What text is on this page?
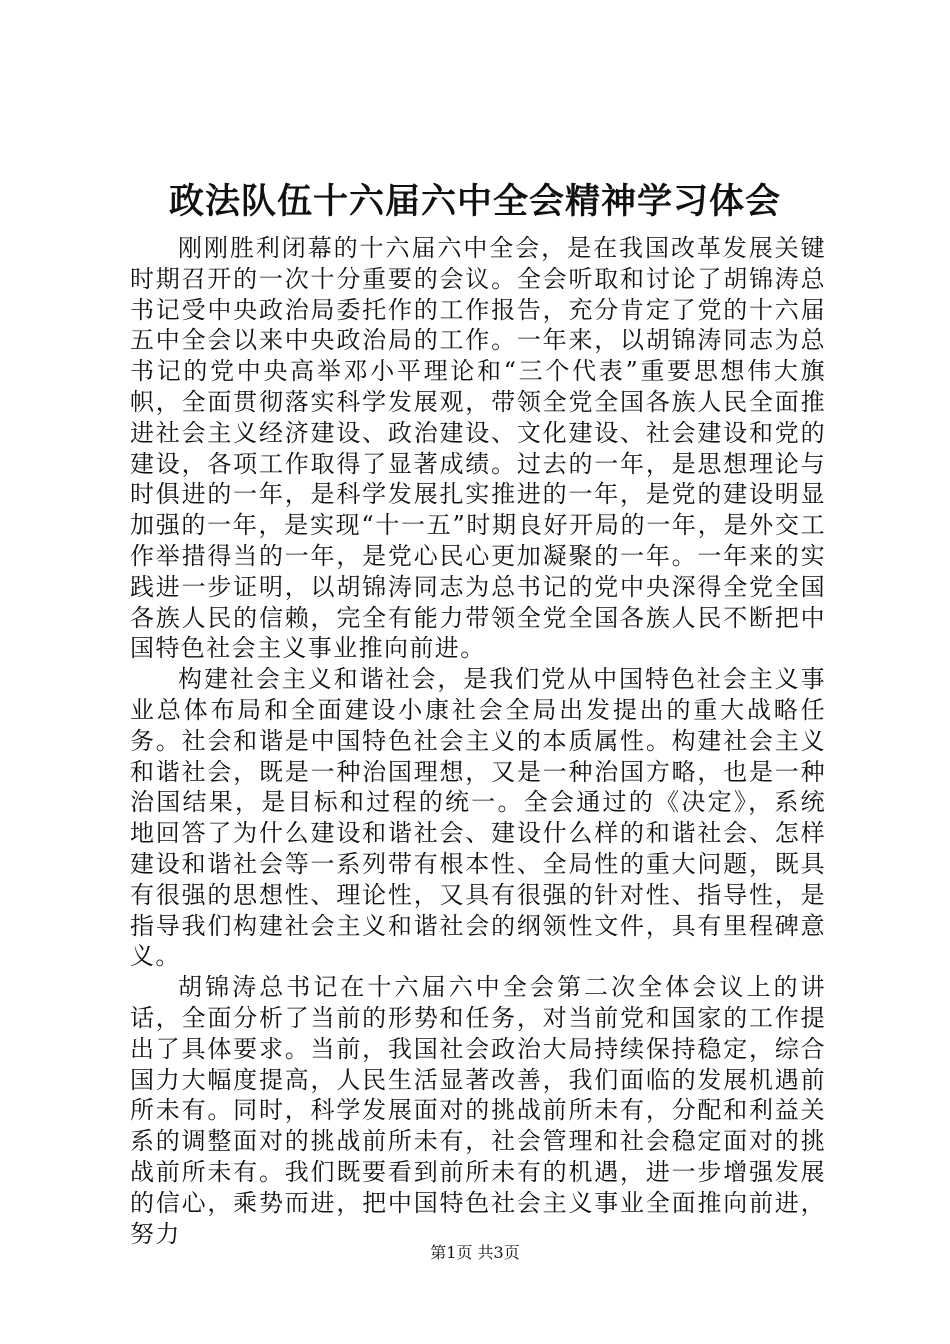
政法队伍十六届六中全会精神学习体会

刚刚胜利闭幕的十六届六中全会，是在我国改革发展关键时期召开的一次十分重要的会议。全会听取和讨论了胡锦涛总书记受中央政治局委托作的工作报告，充分肯定了党的十六届五中全会以来中央政治局的工作。一年来，以胡锦涛同志为总书记的党中央高举邓小平理论和“三个代表”重要思想伟大旗帜，全面贯彻落实科学发展观，带领全党全国各族人民全面推进社会主义经济建设、政治建设、文化建设、社会建设和党的建设，各项工作取得了显著成绩。过去的一年，是思想理论与时俱进的一年，是科学发展扎实推进的一年，是党的建设明显加强的一年，是实现“十一五”时期良好开局的一年，是外交工作举措得当的一年，是党心民心更加凝聚的一年。一年来的实践进一步证明，以胡锦涛同志为总书记的党中央深得全党全国各族人民的信赖，完全有能力带领全党全国各族人民不断把中国特色社会主义事业推向前进。

构建社会主义和谐社会，是我们党从中国特色社会主义事业总体布局和全面建设小康社会全局出发提出的重大战略任务。社会和谐是中国特色社会主义的本质属性。构建社会主义和谐社会，既是一种治国理想，又是一种治国方略，也是一种治国结果，是目标和过程的统一。全会通过的《决定》，系统地回答了为什么建设和谐社会、建设什么样的和谐社会、怎样建设和谐社会等一系列带有根本性、全局性的重大问题，既具有很强的思想性、理论性，又具有很强的针对性、指导性，是指导我们构建社会主义和谐社会的纲领性文件，具有里程碑意义。

胡锦涛总书记在十六届六中全会第二次全体会议上的讲话，全面分析了当前的形势和任务，对当前党和国家的工作提出了具体要求。当前，我国社会政治大局持续保持稳定，综合国力大幅度提高，人民生活显著改善，我们面临的发展机遇前所未有。同时，科学发展面对的挑战前所未有，分配和利益关系的调整面对的挑战前所未有，社会管理和社会稳定面对的挑战前所未有。我们既要看到前所未有的机遇，进一步增强发展的信心，乘势而进，把中国特色社会主义事业全面推向前进，努力

第1页 共3页
